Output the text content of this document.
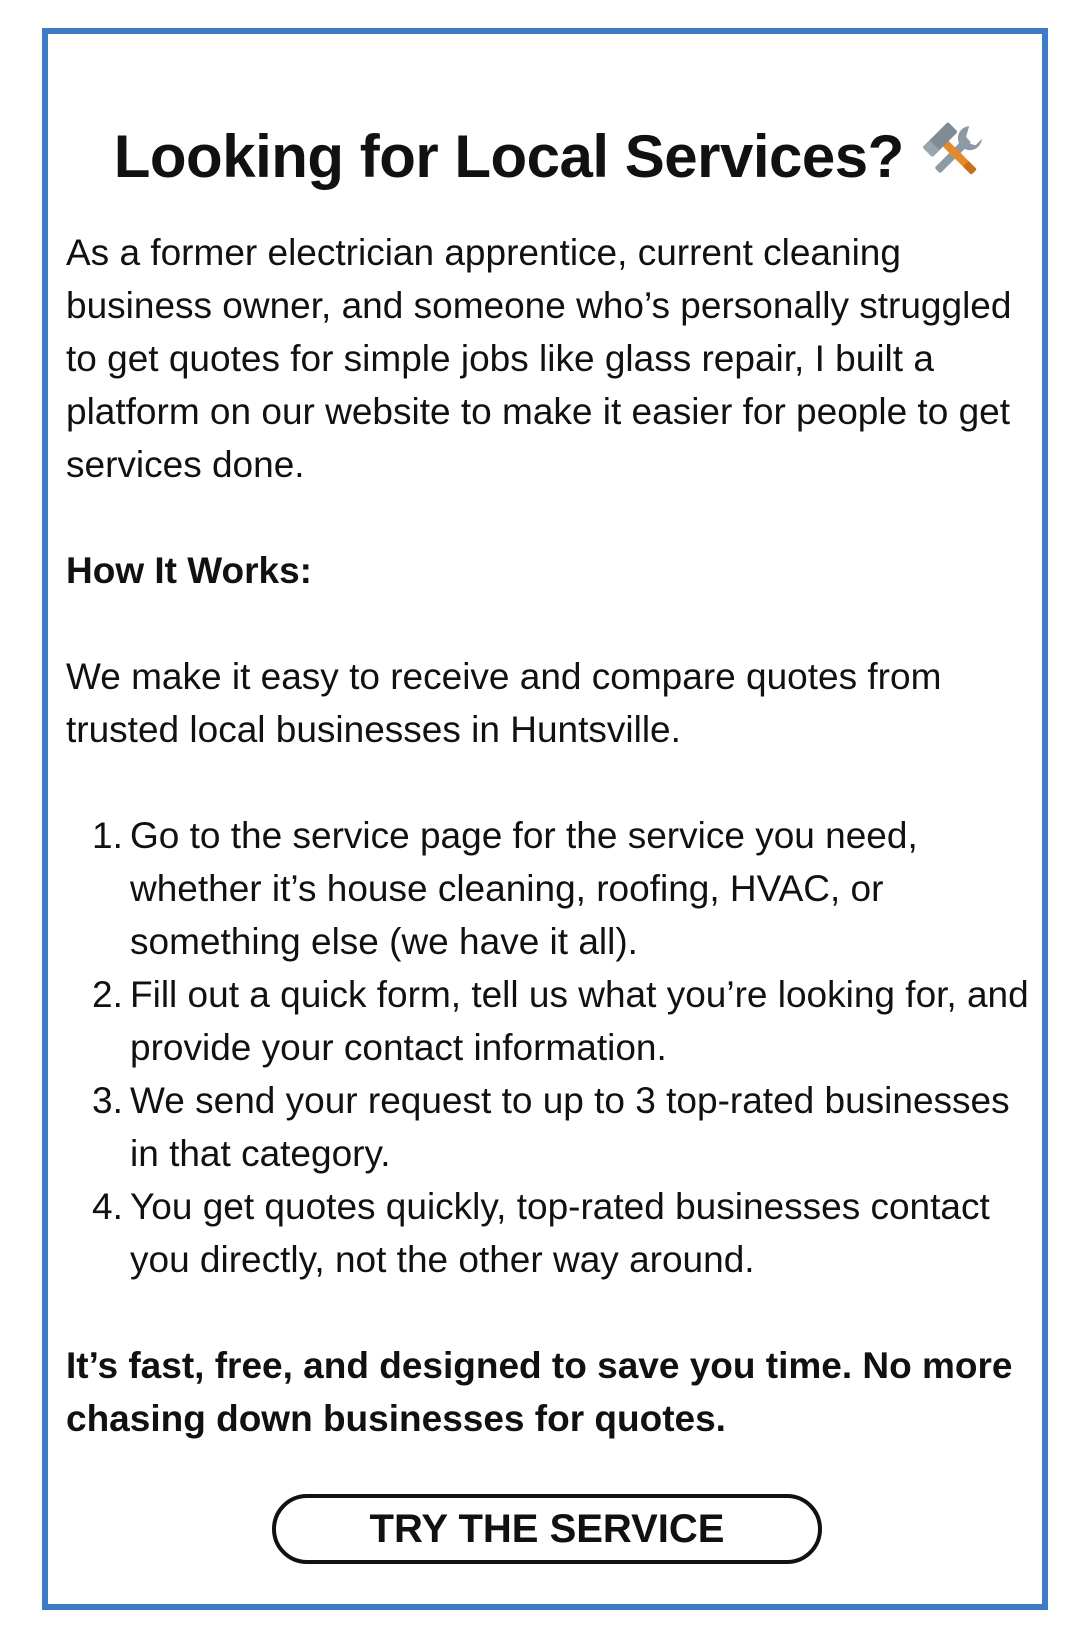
Looking for Local Services?

As a former electrician apprentice, current cleaning business owner, and someone who’s personally struggled to get quotes for simple jobs like glass repair, I built a platform on our website to make it easier for people to get services done.

How It Works:

We make it easy to receive and compare quotes from trusted local businesses in Huntsville.

1. Go to the service page for the service you need, whether it’s house cleaning, roofing, HVAC, or something else (we have it all).
2. Fill out a quick form, tell us what you’re looking for, and provide your contact information.
3. We send your request to up to 3 top-rated businesses in that category.
4. You get quotes quickly, top-rated businesses contact you directly, not the other way around.

It’s fast, free, and designed to save you time. No more chasing down businesses for quotes.

TRY THE SERVICE
